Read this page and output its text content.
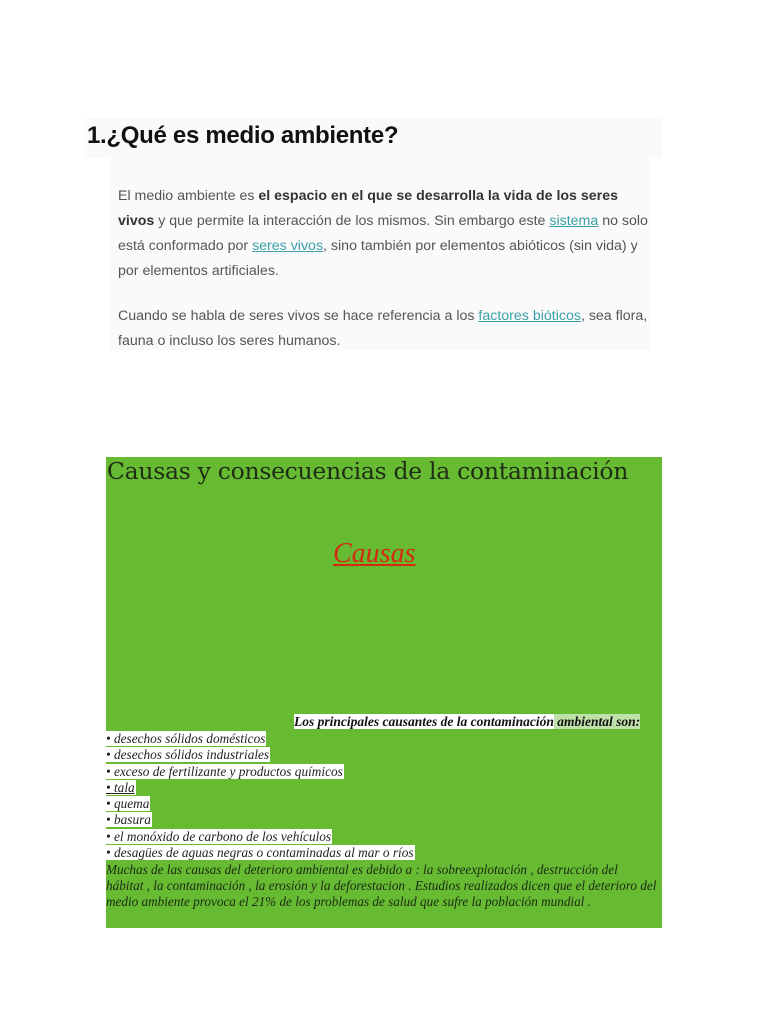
1.¿Qué es medio ambiente?
El medio ambiente es el espacio en el que se desarrolla la vida de los seres vivos y que permite la interacción de los mismos. Sin embargo este sistema no solo está conformado por seres vivos, sino también por elementos abióticos (sin vida) y por elementos artificiales.
Cuando se habla de seres vivos se hace referencia a los factores bióticos, sea flora, fauna o incluso los seres humanos.
Causas y consecuencias de la contaminación
Causas
Los principales causantes de la contaminación ambiental son:
• desechos sólidos domésticos
• desechos sólidos industriales
• exceso de fertilizante y productos químicos
• tala
• quema
• basura
• el monóxido de carbono de los vehículos
• desagües de aguas negras o contaminadas al mar o ríos
Muchas de las causas del deterioro ambiental es debido a : la sobreexplotación , destrucción del hábitat , la contaminación , la erosión y la deforestacion . Estudios realizados dicen que el deterioro del medio ambiente provoca el 21% de los problemas de salud que sufre la población mundial .
